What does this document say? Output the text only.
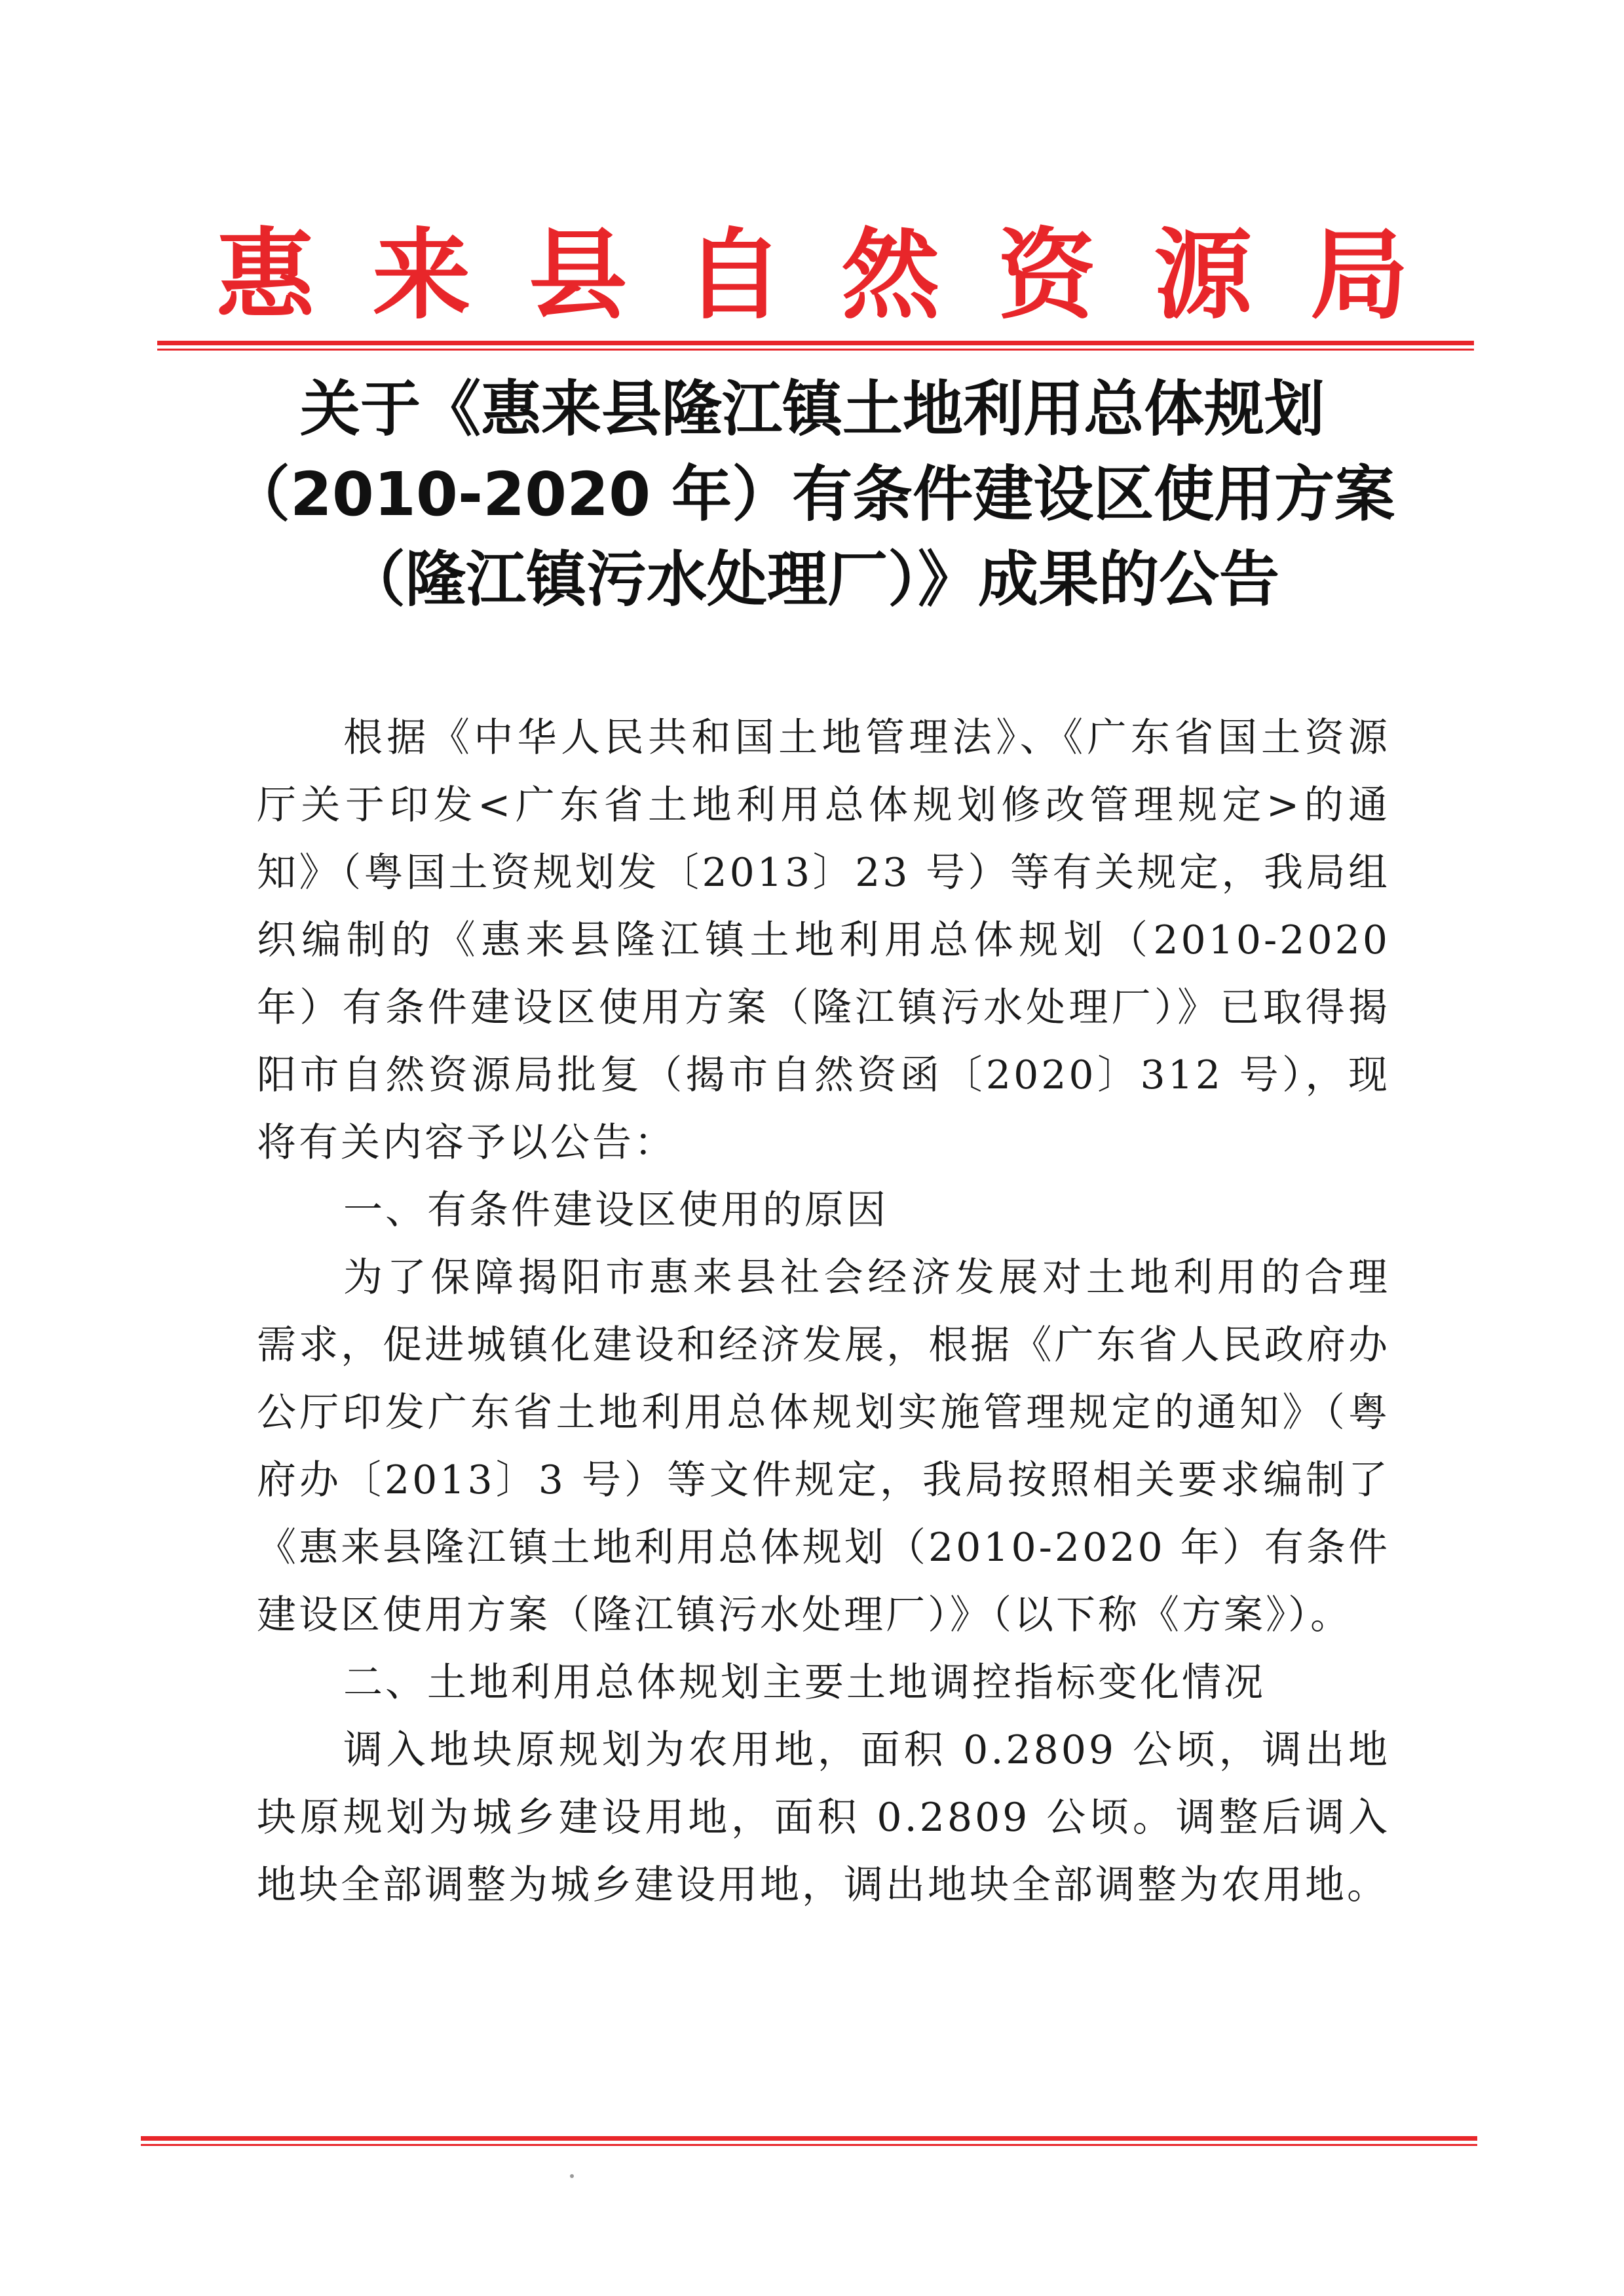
惠 来 县 自 然 资 源 局
关于《惠来县隆江镇土地利用总体规划
（2010-2020 年）有条件建设区使用方案
（隆江镇污水处理厂）》成果的公告

根据《中华人民共和国土地管理法》、《广东省国土资源厅关于印发<广东省土地利用总体规划修改管理规定>的通知》（粤国土资规划发〔2013〕23 号）等有关规定，我局组织编制的《惠来县隆江镇土地利用总体规划（2010-2020 年）有条件建设区使用方案（隆江镇污水处理厂）》已取得揭阳市自然资源局批复（揭市自然资函〔2020〕312 号），现将有关内容予以公告：

一、有条件建设区使用的原因

为了保障揭阳市惠来县社会经济发展对土地利用的合理需求，促进城镇化建设和经济发展，根据《广东省人民政府办公厅印发广东省土地利用总体规划实施管理规定的通知》（粤府办〔2013〕3 号）等文件规定，我局按照相关要求编制了《惠来县隆江镇土地利用总体规划（2010-2020 年）有条件建设区使用方案（隆江镇污水处理厂）》（以下称《方案》）。

二、土地利用总体规划主要土地调控指标变化情况

调入地块原规划为农用地，面积 0.2809 公顷，调出地块原规划为城乡建设用地，面积 0.2809 公顷。调整后调入地块全部调整为城乡建设用地，调出地块全部调整为农用地。
